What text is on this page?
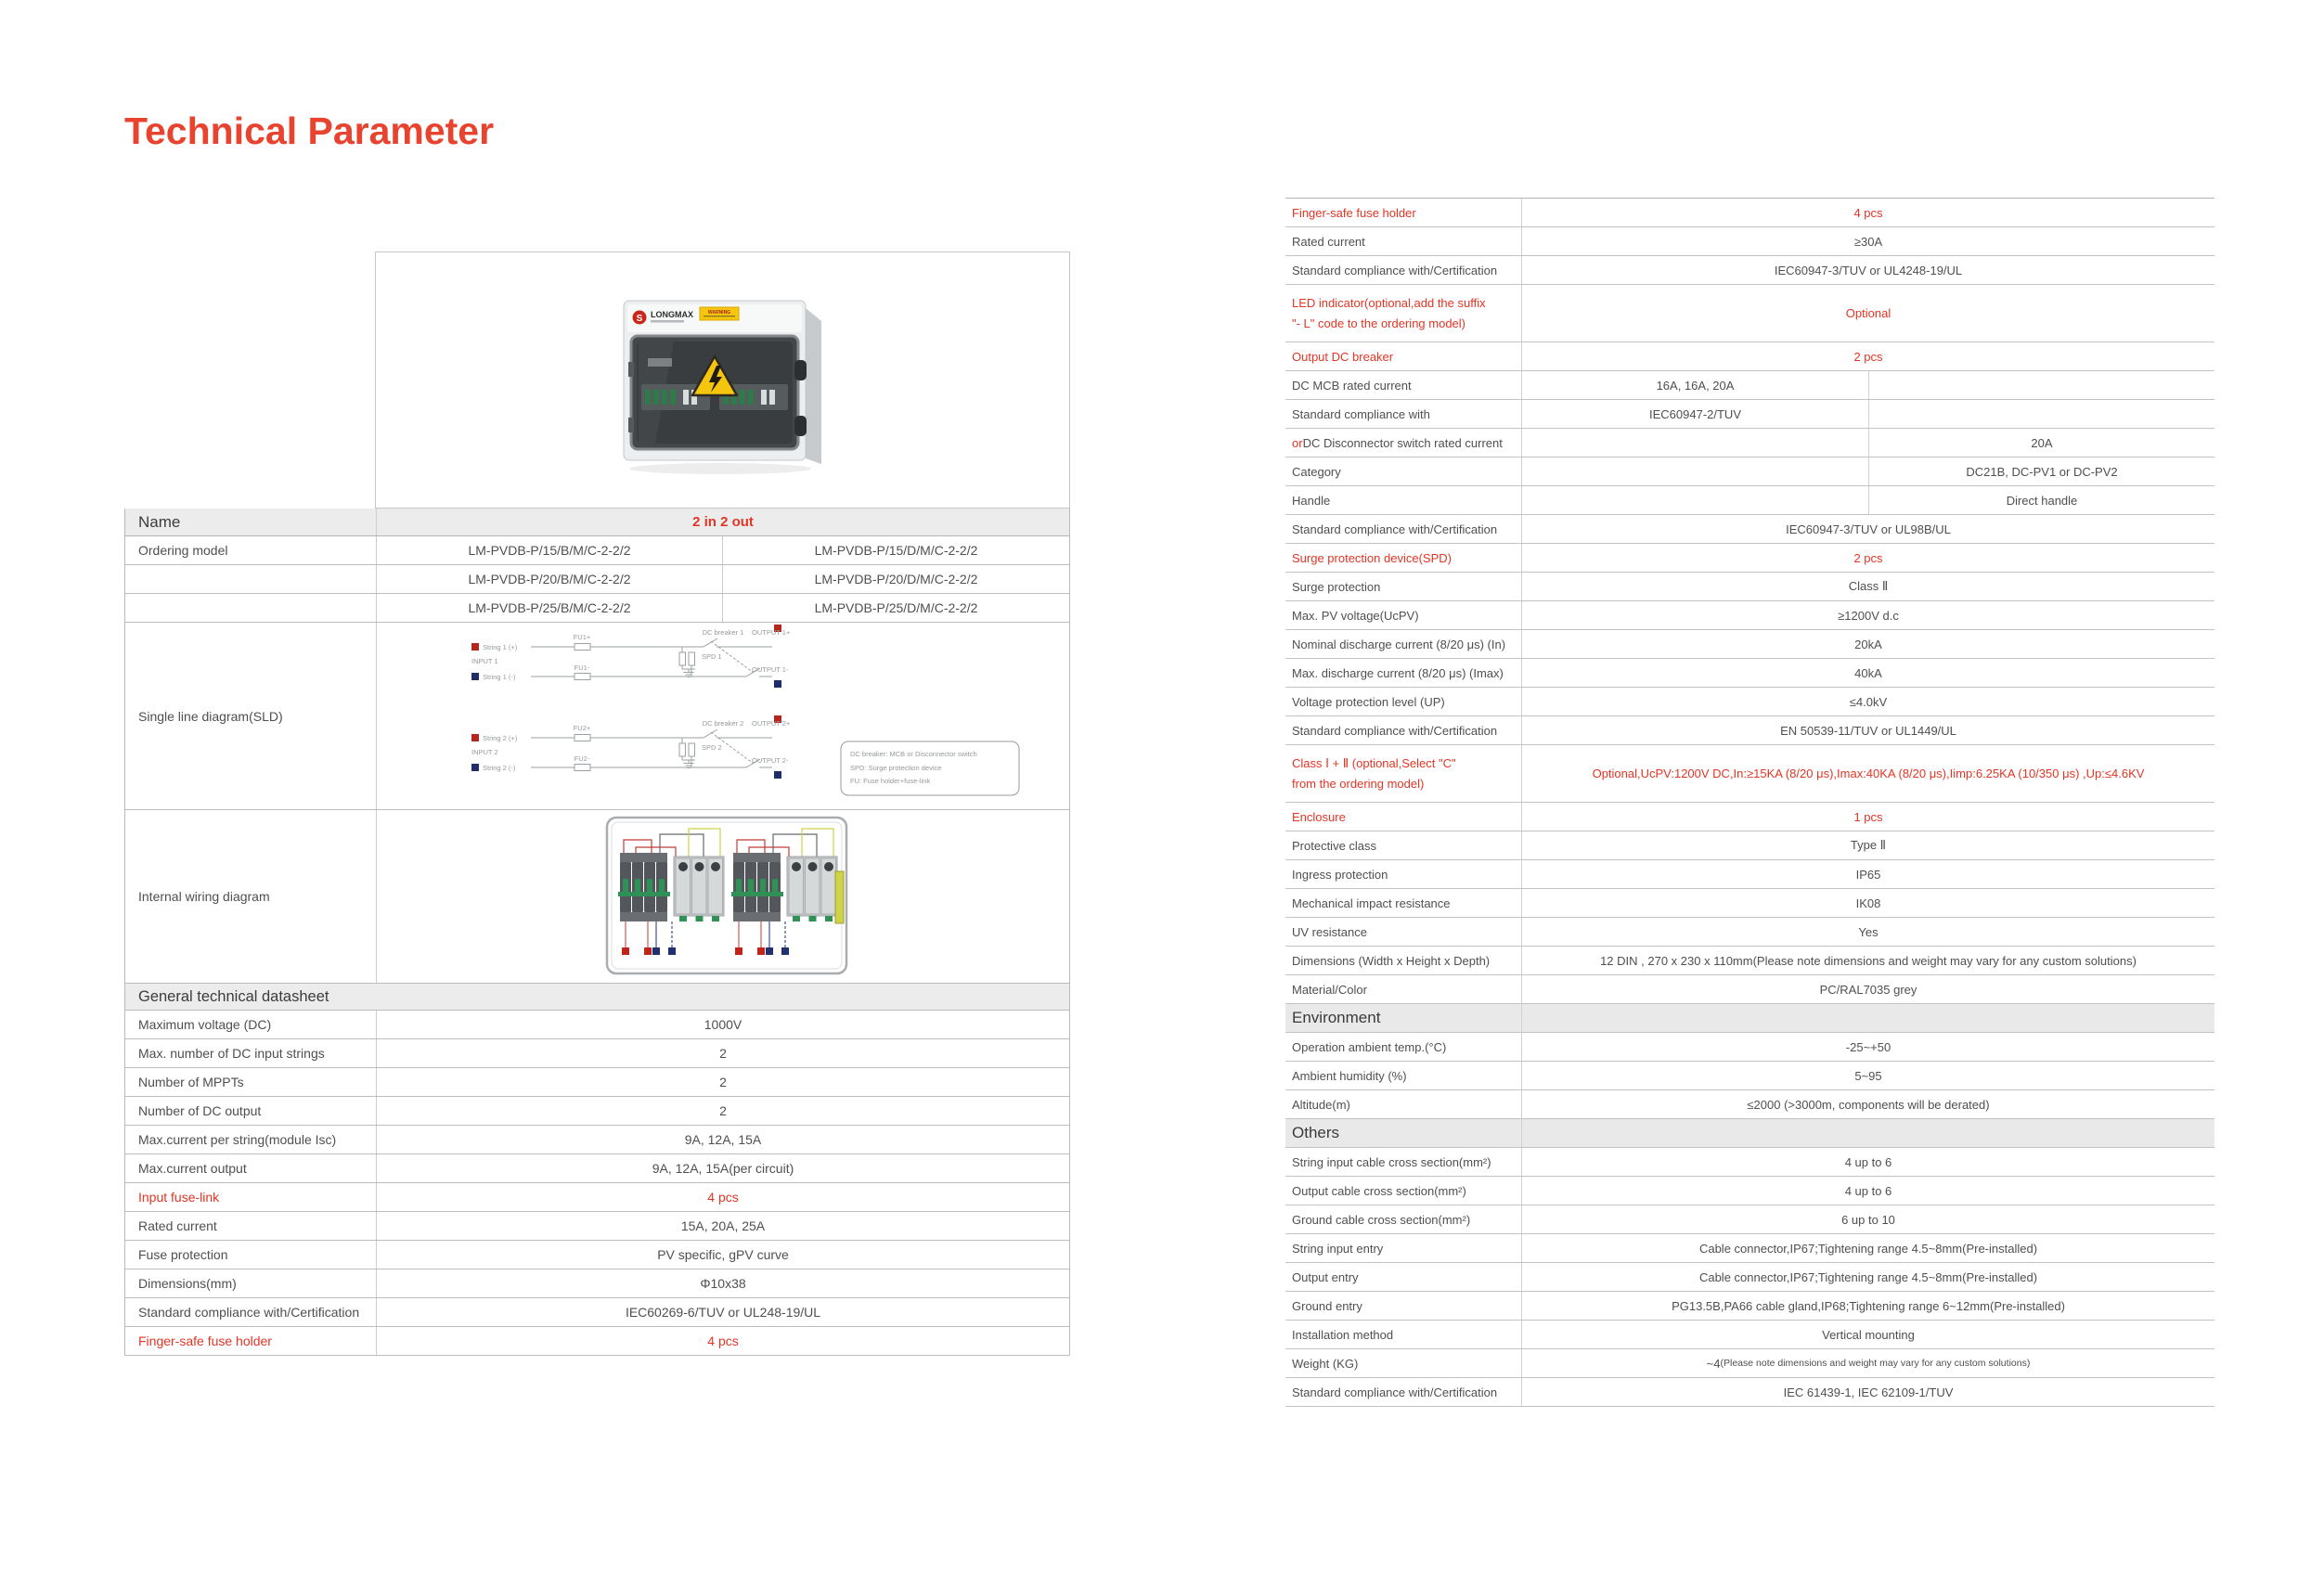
Technical Parameter
S LONGMAX	WARNING
Name	2 in 2 out
Ordering model	LM-PVDB-P/15/B/M/C-2-2/2	LM-PVDB-P/15/D/M/C-2-2/2
LM-PVDB-P/20/B/M/C-2-2/2	LM-PVDB-P/20/D/M/C-2-2/2
LM-PVDB-P/25/B/M/C-2-2/2	LM-PVDB-P/25/D/M/C-2-2/2
Single line diagram(SLD)
String 1 (+)
INPUT 1
String 1 (-)
FU1+
FU1-
DC breaker 1 OUTPUT 1+
OUTPUT 1-
SPD 1
String 2 (+)
INPUT 2
String 2 (-)
FU2+
FU2-
DC breaker 2 OUTPUT 2+
OUTPUT 2-
SPD 2
DC breaker: MCB or Disconnector switch
SPD: Surge protection device
FU: Fuse holder+fuse-link
Internal wiring diagram
General technical datasheet
Maximum voltage (DC)	1000V
Max. number of DC input strings	2
Number of MPPTs	2
Number of DC output	2
Max.current per string(module Isc)	9A, 12A, 15A
Max.current output	9A, 12A, 15A(per circuit)
Input fuse-link	4 pcs
Rated current	15A, 20A, 25A
Fuse protection	PV specific, gPV curve
Dimensions(mm)	Φ10x38
Standard compliance with/Certification	IEC60269-6/TUV or UL248-19/UL
Finger-safe fuse holder	4 pcs
Finger-safe fuse holder	4 pcs
Rated current	≥30A
Standard compliance with/Certification	IEC60947-3/TUV or UL4248-19/UL
LED indicator(optional,add the suffix
"- L" code to the ordering model)
Optional
Output DC breaker	2 pcs
DC MCB rated current	16A, 16A, 20A
Standard compliance with	IEC60947-2/TUV
or DC Disconnector switch rated current	20A
Category	DC21B, DC-PV1 or DC-PV2
Handle	Direct handle
Standard compliance with/Certification	IEC60947-3/TUV or UL98B/UL
Surge protection device(SPD)	2 pcs
Surge protection	Class Ⅱ
Max. PV voltage(UcPV)	≥1200V d.c
Nominal discharge current (8/20 μs) (In)	20kA
Max. discharge current (8/20 μs) (Imax)	40kA
Voltage protection level (UP)	≤4.0kV
Standard compliance with/Certification	EN 50539-11/TUV or UL1449/UL
Class Ⅰ + Ⅱ (optional,Select "C"
from the ordering model)
Optional,UcPV:1200V DC,In:≥15KA (8/20 μs),Imax:40KA (8/20 μs),Iimp:6.25KA (10/350 μs) ,Up:≤4.6KV
Enclosure	1 pcs
Protective class	Type Ⅱ
Ingress protection	IP65
Mechanical impact resistance	IK08
UV resistance	Yes
Dimensions (Width x Height x Depth)	12 DIN , 270 x 230 x 110mm(Please note dimensions and weight may vary for any custom solutions)
Material/Color	PC/RAL7035 grey
Environment
Operation ambient temp.(°C)	-25~+50
Ambient humidity (%)	5~95
Altitude(m)	≤2000 (>3000m, components will be derated)
Others
String input cable cross section(mm²)	4 up to 6
Output cable cross section(mm²)	4 up to 6
Ground cable cross section(mm²)	6 up to 10
String input entry	Cable connector,IP67;Tightening range 4.5~8mm(Pre-installed)
Output entry	Cable connector,IP67;Tightening range 4.5~8mm(Pre-installed)
Ground entry	PG13.5B,PA66 cable gland,IP68;Tightening range 6~12mm(Pre-installed)
Installation method	Vertical mounting
Weight (KG)	~4 (Please note dimensions and weight may vary for any custom solutions)
Standard compliance with/Certification	IEC 61439-1, IEC 62109-1/TUV
